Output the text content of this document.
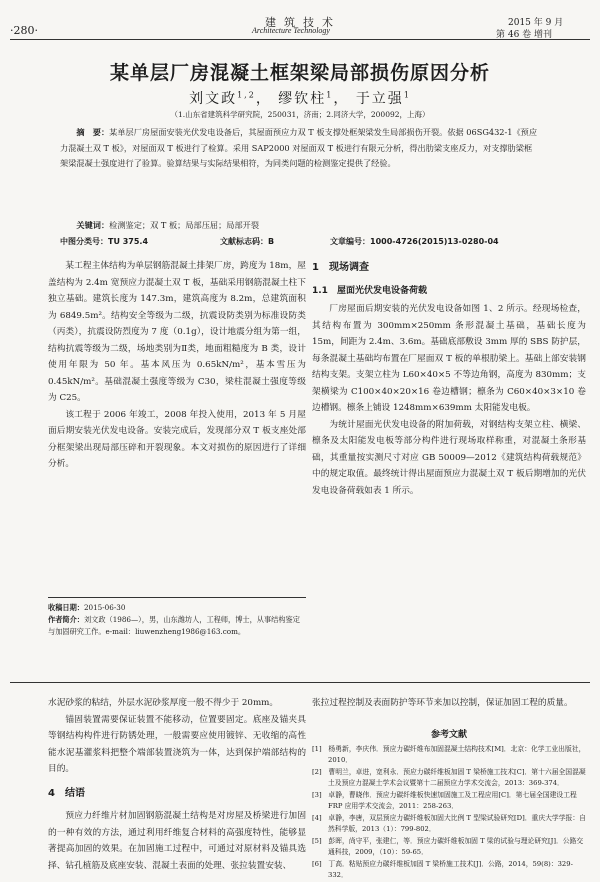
·280·
建筑技术
Architecture Technology
2015 年 9 月
第 46 卷 增刊
某单层厂房混凝土框架梁局部损伤原因分析
刘文政$^{1,2}$， 缪钦柱$^1$， 于立强$^1$
（1.山东省建筑科学研究院，250031，济南；2.同济大学，200092，上海）
摘　要：某单层厂房屋面安装光伏发电设备后，其屋面预应力双 T 板支撑处框架梁发生局部损伤开裂。依据 06SG432-1《预应力混凝土双 T 板》，对屋面双 T 板进行了检算。采用 SAP2000 对屋面双 T 板进行有限元分析，得出肋梁支座反力，对支撑肋梁框架梁混凝土强度进行了验算。验算结果与实际结果相符，为同类问题的检测鉴定提供了经验。
关键词：检测鉴定；双 T 板；局部压屈；局部开裂
中图分类号：TU 375.4	文献标志码：B	文章编号：1000-4726(2015)13-0280-04

某工程主体结构为单层钢筋混凝土排架厂房，跨度为 18m，屋盖结构为 2.4m 宽预应力混凝土双 T 板，基础采用钢筋混凝土柱下独立基础。建筑长度为 147.3m，建筑高度为 8.2m，总建筑面积为 6849.5m²。结构安全等级为二级，抗震设防类别为标准设防类（丙类），抗震设防烈度为 7 度（0.1g），设计地震分组为第一组，结构抗震等级为二级，场地类别为Ⅱ类，地面粗糙度为 B 类，设计使用年限为 50 年。基本风压为 0.65kN/m²，基本雪压为 0.45kN/m²。基础混凝土强度等级为 C30，梁柱混凝土强度等级为 C25。

该工程于 2006 年竣工，2008 年投入使用，2013 年 5 月屋面后期安装光伏发电设备。安装完成后，发现部分双 T 板支座处部分框架梁出现局部压碎和开裂现象。本文对损伤的原因进行了详细分析。

收稿日期：2015-06-30
作者简介：刘文政（1986—），男，山东潍坊人，工程师，博士，从事结构鉴定与加固研究工作。e-mail：liuwenzheng1986@163.com。
1　现场调查
1.1　屋面光伏发电设备荷载

厂房屋面后期安装的光伏发电设备如图 1、2 所示。经现场检查，其结构布置为 300mm×250mm 条形混凝土基础，基础长度为 15m，间距为 2.4m、3.6m。基础底部敷设 3mm 厚的 SBS 防护层，每条混凝土基础均布置在厂屋面双 T 板的单根肋梁上。基础上部安装钢结构支架。支架立柱为 L60×40×5 不等边角钢，高度为 830mm；支架横梁为 C100×40×20×16 卷边槽钢；檩条为 C60×40×3×10 卷边槽钢。檩条上铺设 1248mm×639mm 太阳能发电板。

为统计屋面光伏发电设备的附加荷载，对钢结构支架立柱、横梁、檩条及太阳能发电板等部分构件进行现场取样称重，对混凝土条形基础，其重量按实测尺寸对应 GB 50009—2012《建筑结构荷载规范》中的规定取值。最终统计得出屋面预应力混凝土双 T 板后期增加的光伏发电设备荷载如表 1 所示。

水泥砂浆的粘结，外层水泥砂浆厚度一般不得少于 20mm。

锚固装置需要保证装置不能移动，位置要固定。底座及锚夹具等钢结构构件进行防锈处理，一般需要应使用镀锌、无收缩的高性能水泥基灌浆料把整个端部装置浇筑为一体，达到保护端部结构的目的。

4　结语

预应力纤维片材加固钢筋混凝土结构是对房屋及桥梁进行加固的一种有效的方法，通过利用纤维复合材料的高强度特性，能够显著提高加固的效果。在加固施工过程中，可通过对原材料及锚具选择、钻孔植筋及底座安装、混凝土表面的处理、张拉装置安装、

张拉过程控制及表面防护等环节来加以控制，保证加固工程的质量。

参考文献
[1]　杨勇新，李庆伟．预应力碳纤维布加固混凝土结构技术[M]．北京：化学工业出版社，2010．
[2]　曹明兰，卓进，宽利永．预应力碳纤维板加固 T 梁桥施工技术[C]．第十六届全国混凝土及预应力混凝土学术会议暨第十二届预应力学术交流会，2013：369-374．
[3]　卓静，曹晓伟．预应力碳纤维板快速加固施工及工程应用[C]．第七届全国建设工程 FRP 应用学术交流会，2011：258-263．
[4]　卓静，李唐，双层预应力碳纤维板加固大比例 T 型梁试验研究[D]．重庆大学学报：自然科学版，2013（1）：799-802．
[5]　彭晖，尚守平，张建仁，等．预应力碳纤维板加固 T 梁的试验与理论研究[J]．公路交通科技，2009，（10）：59-65．
[6]　丁高．粘贴预应力碳纤维板加固 T 梁桥施工技术[J]．公路，2014，59(8)：329-332．
